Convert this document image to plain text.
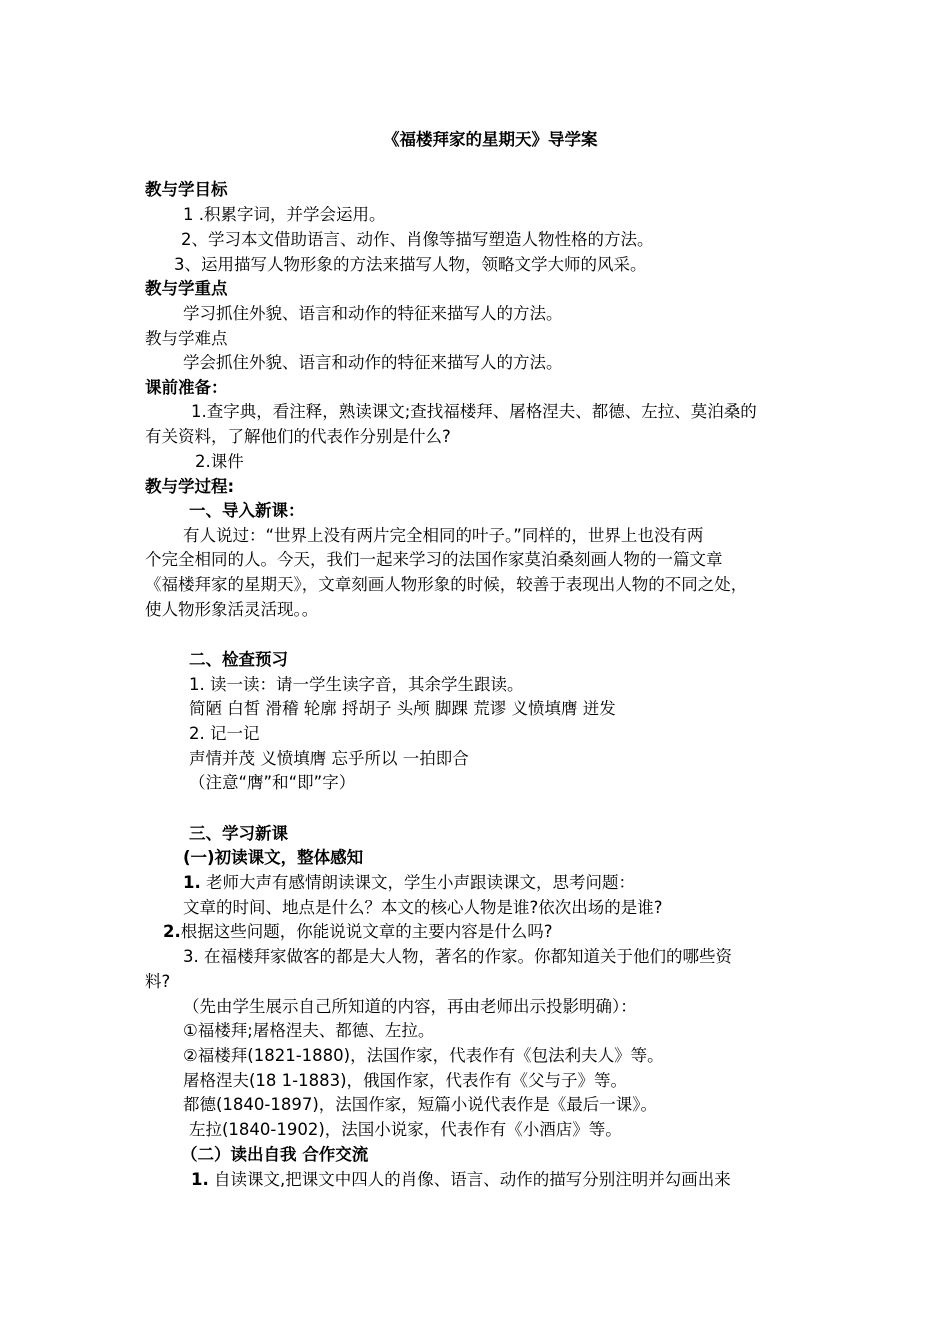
《福楼拜家的星期天》导学案
教与学目标
1 .积累字词，并学会运用。
2、学习本文借助语言、动作、肖像等描写塑造人物性格的方法。
3、运用描写人物形象的方法来描写人物，领略文学大师的风采。
教与学重点
学习抓住外貌、语言和动作的特征来描写人的方法。
教与学难点
学会抓住外貌、语言和动作的特征来描写人的方法。
课前准备：
1.查字典，看注释，熟读课文;查找福楼拜、屠格涅夫、都德、左拉、莫泊桑的
有关资料，了解他们的代表作分别是什么?
2.课件
教与学过程:
一、导入新课：
有人说过：“世界上没有两片完全相同的叶子。”同样的，世界上也没有两
个完全相同的人。今天，我们一起来学习的法国作家莫泊桑刻画人物的一篇文章
《福楼拜家的星期天》，文章刻画人物形象的时候，较善于表现出人物的不同之处，
使人物形象活灵活现。。
二、检查预习
1. 读一读：请一学生读字音，其余学生跟读。
简陋 白皙 滑稽 轮廓 捋胡子 头颅 脚踝 荒谬 义愤填膺 迸发
2. 记一记
声情并茂 义愤填膺 忘乎所以 一拍即合
（注意“膺”和“即”字）
三、学习新课
(一)初读课文，整体感知
1. 老师大声有感情朗读课文，学生小声跟读课文，思考问题：
文章的时间、地点是什么？本文的核心人物是谁?依次出场的是谁?
2.根据这些问题，你能说说文章的主要内容是什么吗?
3. 在福楼拜家做客的都是大人物，著名的作家。你都知道关于他们的哪些资
料?
（先由学生展示自己所知道的内容，再由老师出示投影明确）：
①福楼拜;屠格涅夫、都德、左拉。
②福楼拜(1821-1880)，法国作家，代表作有《包法利夫人》等。
屠格涅夫(18 1-1883)，俄国作家，代表作有《父与子》等。
都德(1840-1897)，法国作家，短篇小说代表作是《最后一课》。
左拉(1840-1902)，法国小说家，代表作有《小酒店》等。
（二）读出自我 合作交流
1. 自读课文,把课文中四人的肖像、语言、动作的描写分别注明并勾画出来
